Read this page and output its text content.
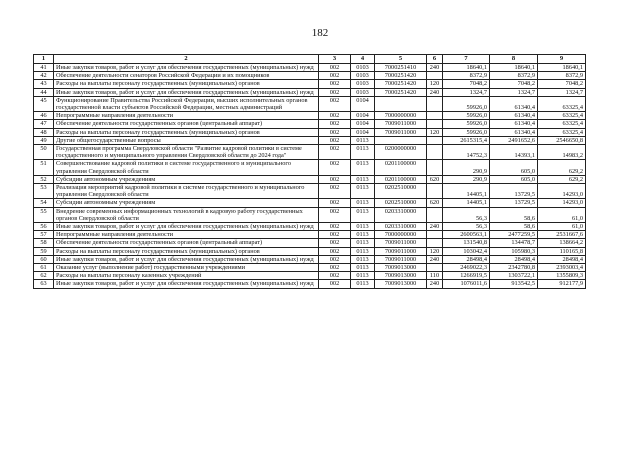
182
1	2	3	4	5	6	7	8	9
41	Иные закупки товаров, работ и услуг для обеспечения государственных (муниципальных) нужд	002	0103	7000251410	240	18640,1	18640,1	18640,1
42	Обеспечение деятельности сенаторов Российской Федерации и их помощников	002	0103	7000251420		8372,9	8372,9	8372,9
43	Расходы на выплаты персоналу государственных (муниципальных) органов	002	0103	7000251420	120	7048,2	7048,2	7048,2
44	Иные закупки товаров, работ и услуг для обеспечения государственных (муниципальных) нужд	002	0103	7000251420	240	1324,7	1324,7	1324,7
45	Функционирование Правительства Российской Федерации, высших исполнительных органов государственной власти субъектов Российской Федерации, местных администраций	002	0104			59926,0	61340,4	63325,4
46	Непрограммные направления деятельности	002	0104	7000000000		59926,0	61340,4	63325,4
47	Обеспечение деятельности государственных органов (центральный аппарат)	002	0104	7009011000		59926,0	61340,4	63325,4
48	Расходы на выплаты персоналу государственных (муниципальных) органов	002	0104	7009011000	120	59926,0	61340,4	63325,4
49	Другие общегосударственные вопросы	002	0113			2615315,4	2491652,6	2546650,8
50	Государственная программа Свердловской области "Развитие кадровой политики в системе государственного и муниципального управления Свердловской области до 2024 года"	002	0113	0200000000		14752,3	14393,1	14983,2
51	Совершенствование кадровой политики в системе государственного и муниципального управления Свердловской области	002	0113	0201100000		290,9	605,0	629,2
52	Субсидии автономным учреждениям	002	0113	0201100000	620	290,9	605,0	629,2
53	Реализация мероприятий кадровой политики в системе государственного и муниципального управления Свердловской области	002	0113	0202510000		14405,1	13729,5	14293,0
54	Субсидии автономным учреждениям	002	0113	0202510000	620	14405,1	13729,5	14293,0
55	Внедрение современных информационных технологий в кадровую работу государственных органов Свердловской области	002	0113	0203310000		56,3	58,6	61,0
56	Иные закупки товаров, работ и услуг для обеспечения государственных (муниципальных) нужд	002	0113	0203310000	240	56,3	58,6	61,0
57	Непрограммные направления деятельности	002	0113	7000000000		2600563,1	2477259,5	2531667,6
58	Обеспечение деятельности государственных органов (центральный аппарат)	002	0113	7009011000		131540,8	134478,7	138664,2
59	Расходы на выплаты персоналу государственных (муниципальных) органов	002	0113	7009011000	120	103042,4	105980,3	110165,8
60	Иные закупки товаров, работ и услуг для обеспечения государственных (муниципальных) нужд	002	0113	7009011000	240	28498,4	28498,4	28498,4
61	Оказание услуг (выполнение работ) государственными учреждениями	002	0113	7009013000		2469022,3	2342780,8	2393003,4
62	Расходы на выплаты персоналу казенных учреждений	002	0113	7009013000	110	1266919,5	1303722,1	1355809,3
63	Иные закупки товаров, работ и услуг для обеспечения государственных (муниципальных) нужд	002	0113	7009013000	240	1076011,6	913542,5	912177,9
